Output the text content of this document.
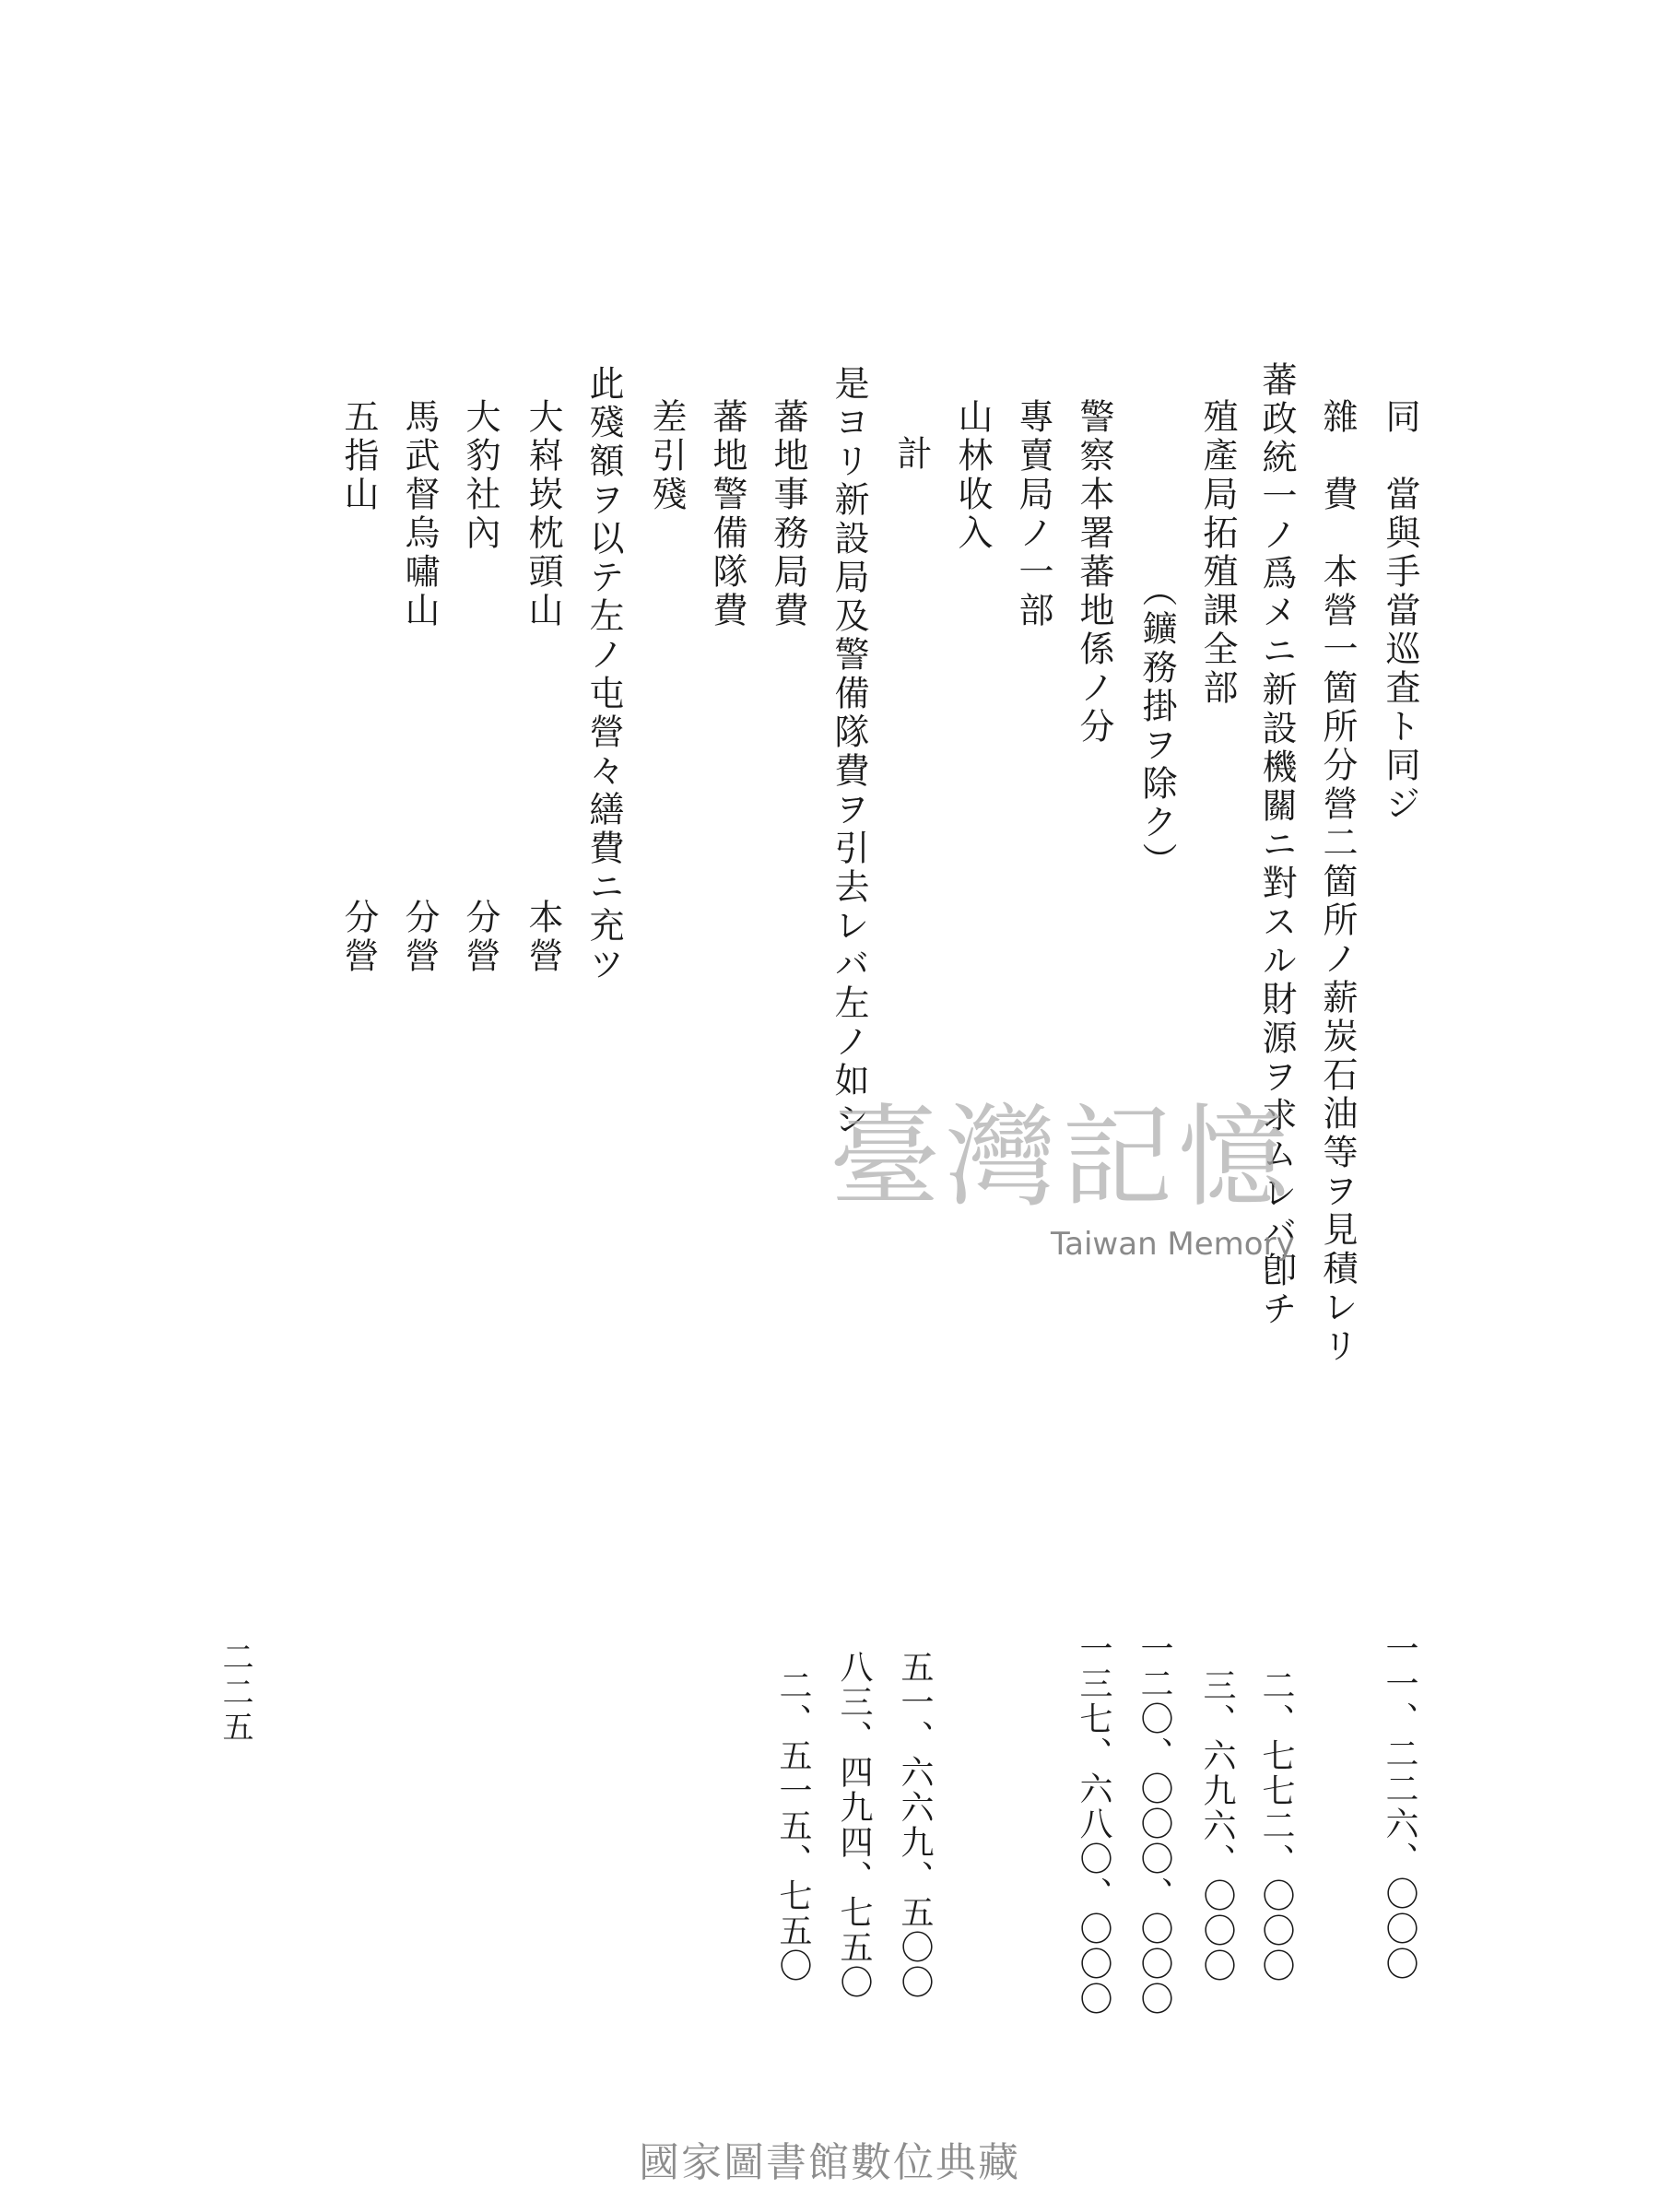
同　當與手當巡査ト同ジ
雜　費　本營一箇所分營二箇所ノ薪炭石油等ヲ見積レリ
蕃政統一ノ爲メニ新設機關ニ對スル財源ヲ求ムレバ卽チ
殖產局拓殖課全部
（鑛務掛ヲ除ク）
警察本署蕃地係ノ分
專賣局ノ一部
山林收入
計
是ヨリ新設局及警備隊費ヲ引去レバ左ノ如シ
蕃地事務局費
蕃地警備隊費
差引殘
此殘額ヲ以テ左ノ屯營々繕費ニ充ツ
大嵙崁枕頭山
大豹社內
馬武督烏嘯山
五指山
本營
分營
分營
分營
一一、二二六、〇〇〇
二、七七二、〇〇〇
三、六九六、〇〇〇
一二〇、〇〇〇、〇〇〇
一三七、六八〇、〇〇〇
五一、六六九、五〇〇
八三、四九四、七五〇
二、五一五、七五〇
二二五
臺灣記憶
Taiwan Memory
國家圖書館數位典藏
